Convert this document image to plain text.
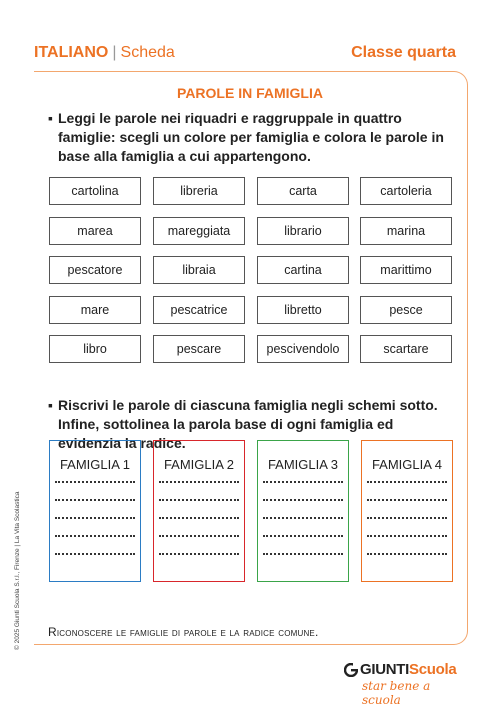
ITALIANO | Scheda	Classe quarta
PAROLE IN FAMIGLIA
▪ Leggi le parole nei riquadri e raggruppale in quattro famiglie: scegli un colore per famiglia e colora le parole in base alla famiglia a cui appartengono.
cartolina	libreria	carta	cartoleria
marea	mareggiata	librario	marina
pescatore	libraia	cartina	marittimo
mare	pescatrice	libretto	pesce
libro	pescare	pescivendolo	scartare
▪ Riscrivi le parole di ciascuna famiglia negli schemi sotto. Infine, sottolinea la parola base di ogni famiglia ed evidenzia la radice.
FAMIGLIA 1	FAMIGLIA 2	FAMIGLIA 3	FAMIGLIA 4
Riconoscere le famiglie di parole e la radice comune.
© 2025 Giunti Scuola S.r.l., Firenze | La Vita Scolastica
GIUNTIScuola
star bene a scuola
